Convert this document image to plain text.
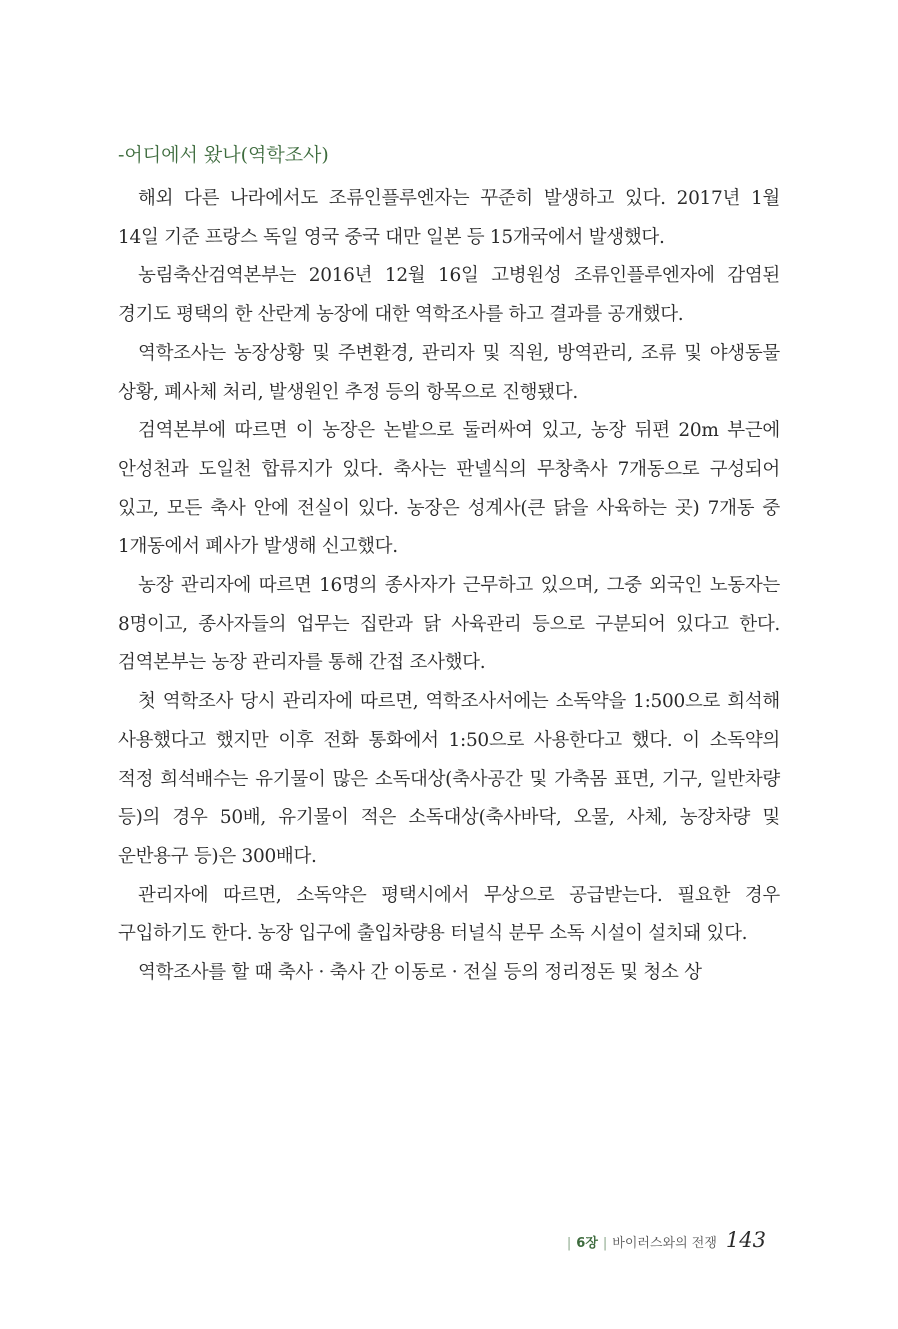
-어디에서 왔나(역학조사)

해외 다른 나라에서도 조류인플루엔자는 꾸준히 발생하고 있다. 2017년 1월 14일 기준 프랑스 독일 영국 중국 대만 일본 등 15개국에서 발생했다.

농림축산검역본부는 2016년 12월 16일 고병원성 조류인플루엔자에 감염된 경기도 평택의 한 산란계 농장에 대한 역학조사를 하고 결과를 공개했다.

역학조사는 농장상황 및 주변환경, 관리자 및 직원, 방역관리, 조류 및 야생동물 상황, 폐사체 처리, 발생원인 추정 등의 항목으로 진행됐다.

검역본부에 따르면 이 농장은 논밭으로 둘러싸여 있고, 농장 뒤편 20m 부근에 안성천과 도일천 합류지가 있다. 축사는 판넬식의 무창축사 7개동으로 구성되어 있고, 모든 축사 안에 전실이 있다. 농장은 성계사(큰 닭을 사육하는 곳) 7개동 중 1개동에서 폐사가 발생해 신고했다.

농장 관리자에 따르면 16명의 종사자가 근무하고 있으며, 그중 외국인 노동자는 8명이고, 종사자들의 업무는 집란과 닭 사육관리 등으로 구분되어 있다고 한다. 검역본부는 농장 관리자를 통해 간접 조사했다.

첫 역학조사 당시 관리자에 따르면, 역학조사서에는 소독약을 1:500으로 희석해 사용했다고 했지만 이후 전화 통화에서 1:50으로 사용한다고 했다. 이 소독약의 적정 희석배수는 유기물이 많은 소독대상(축사공간 및 가축몸 표면, 기구, 일반차량 등)의 경우 50배, 유기물이 적은 소독대상(축사바닥, 오물, 사체, 농장차량 및 운반용구 등)은 300배다.

관리자에 따르면, 소독약은 평택시에서 무상으로 공급받는다. 필요한 경우 구입하기도 한다. 농장 입구에 출입차량용 터널식 분무 소독 시설이 설치돼 있다.

역학조사를 할 때 축사 · 축사 간 이동로 · 전실 등의 정리정돈 및 청소 상

| 6장 | 바이러스와의 전쟁 143
